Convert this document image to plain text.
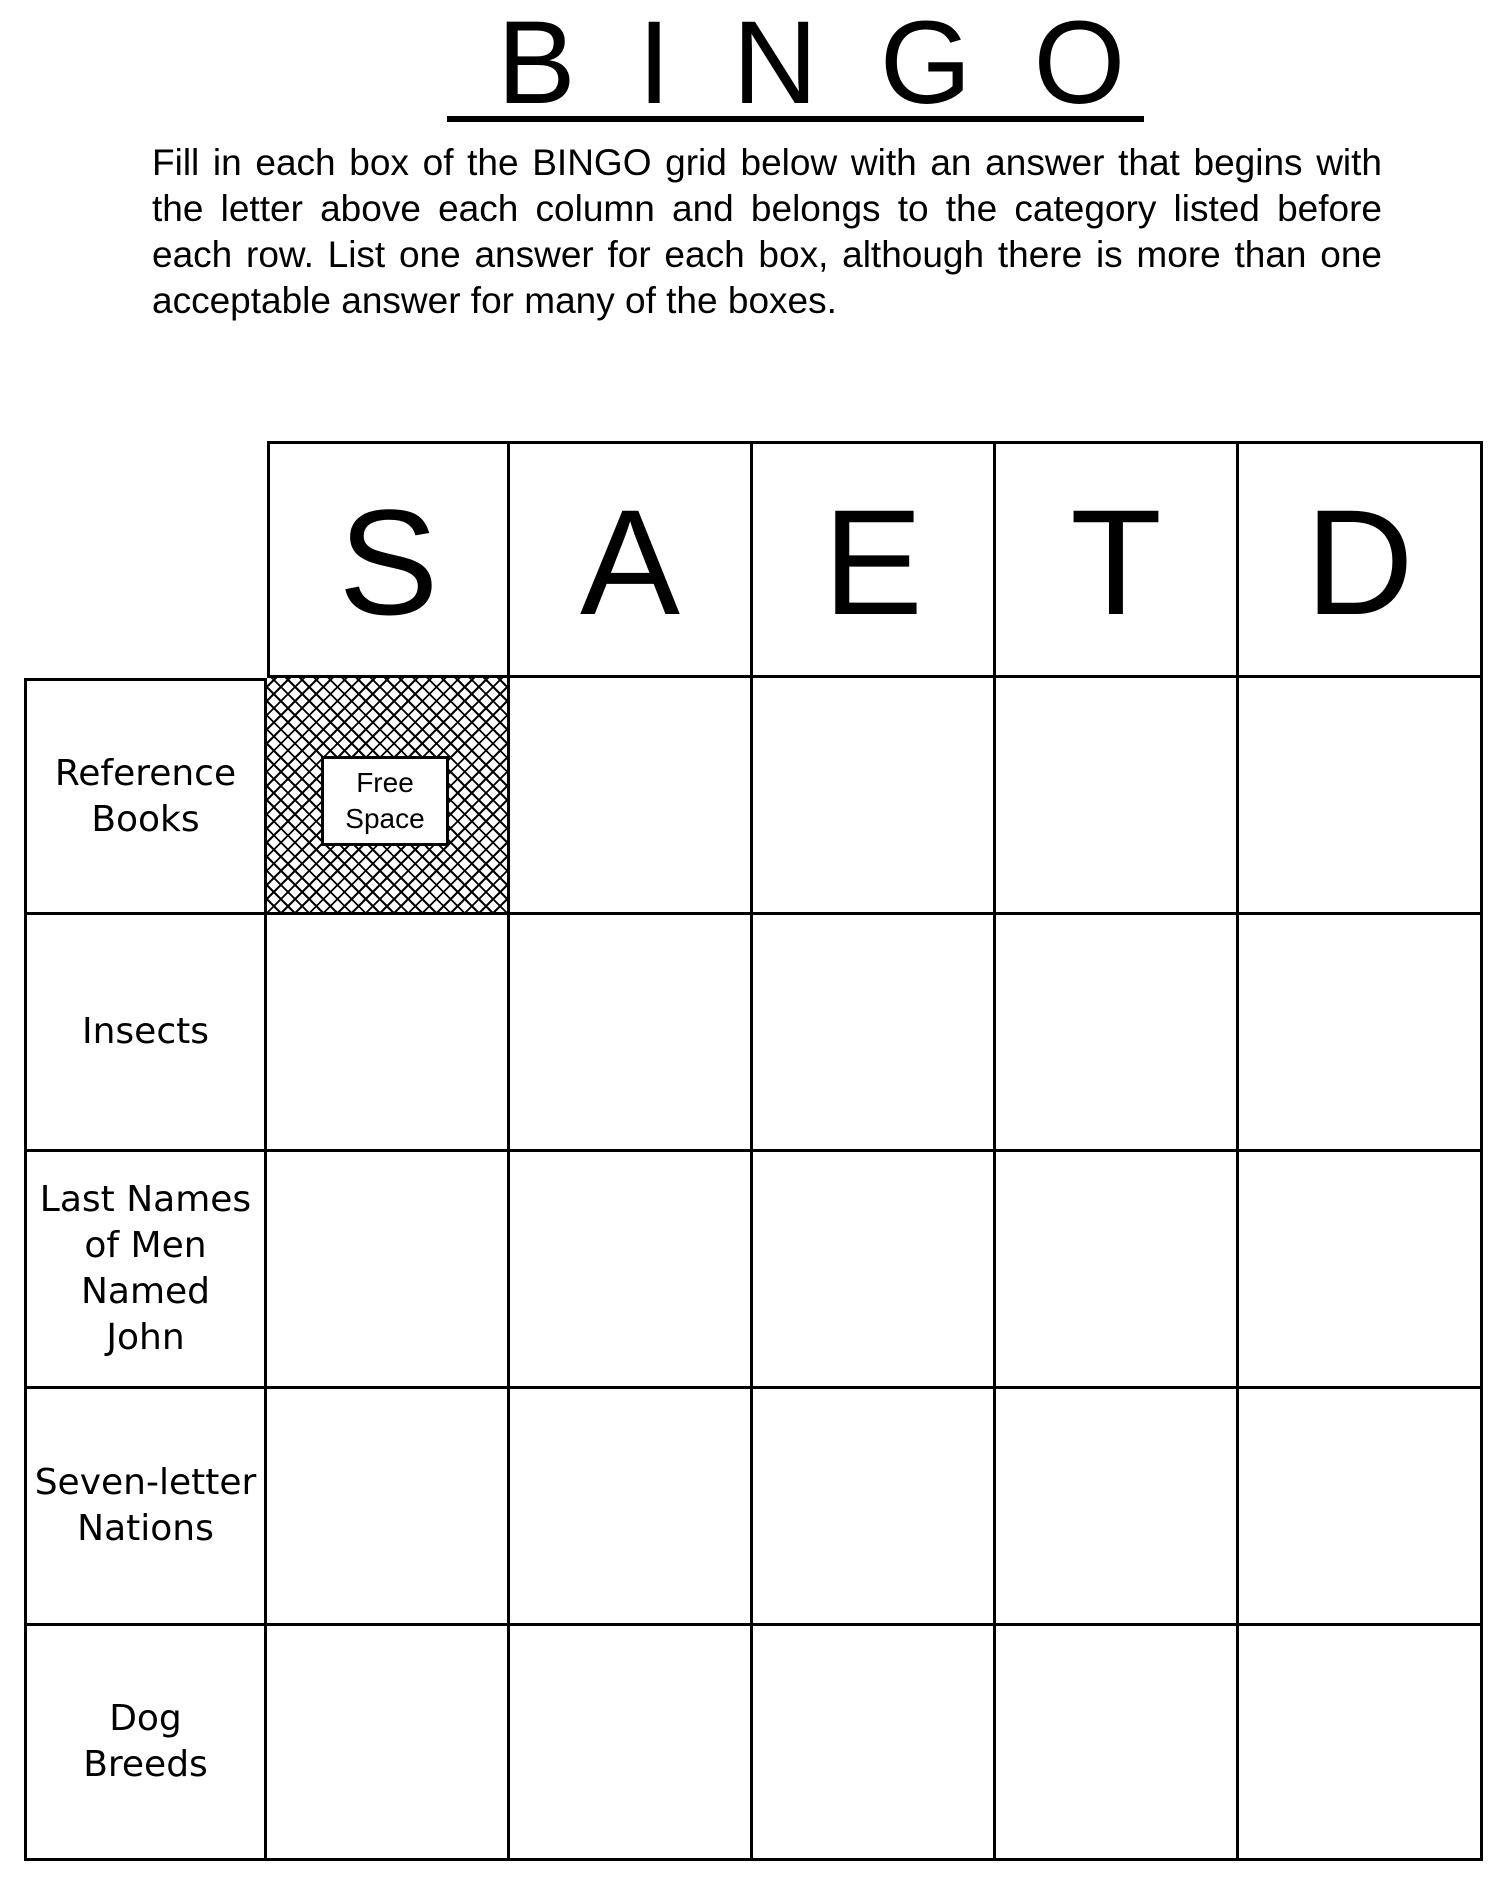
BINGO
Fill in each box of the BINGO grid below with an answer that begins with the letter above each column and belongs to the category listed before each row. List one answer for each box, although there is more than one acceptable answer for many of the boxes.
S A E T D
Reference
Books
Free
Space
Insects
Last Names
of Men
Named
John
Seven-letter
Nations
Dog
Breeds
